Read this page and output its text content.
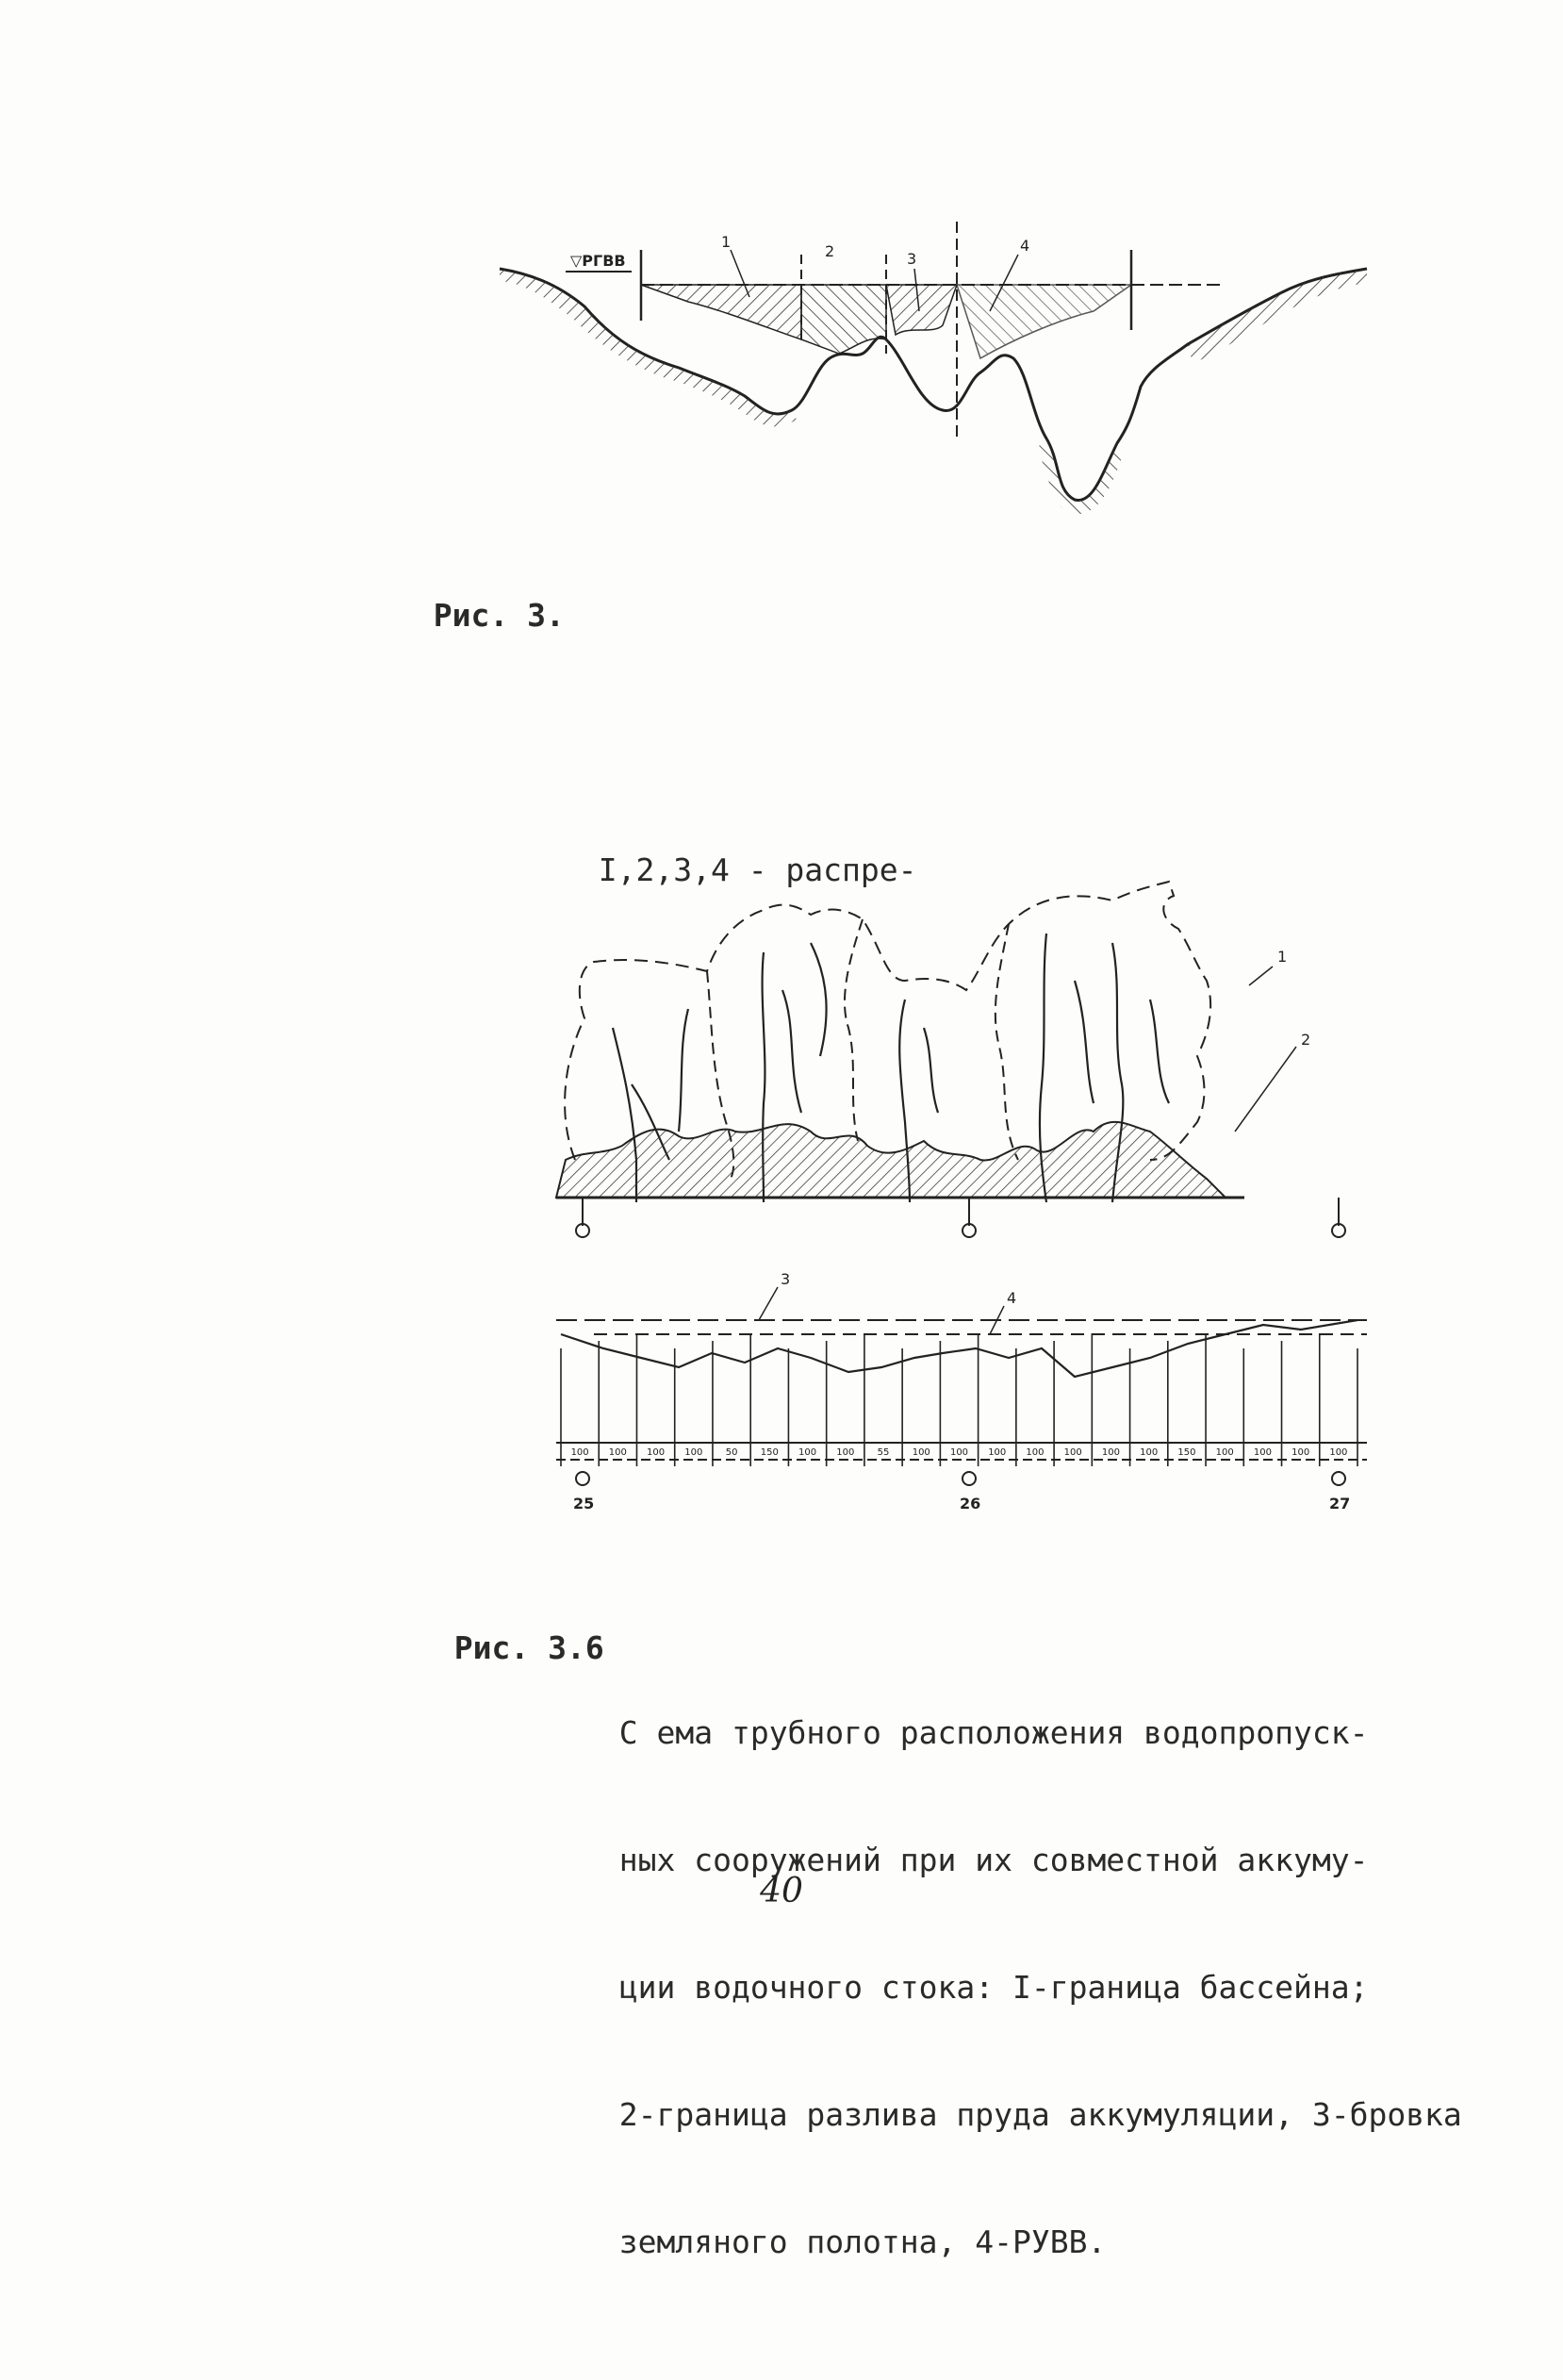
▽РГВВ
1
2	3
4

Рис. 3.

I,2,3,4 - распре-

1
2
3
4
100 100 100 100 50 150 100 100 55 100 100 100 100 100 100 100 150 100 100 100 100
25	26	27

Рис. 3.6

С ема трубного расположения водопропуск-

ных сооружений при их совместной аккуму-

ции водочного стока: I-граница бассейна;

2-граница разлива пруда аккумуляции, 3-бровка

земляного полотна, 4-РУВВ.

40
